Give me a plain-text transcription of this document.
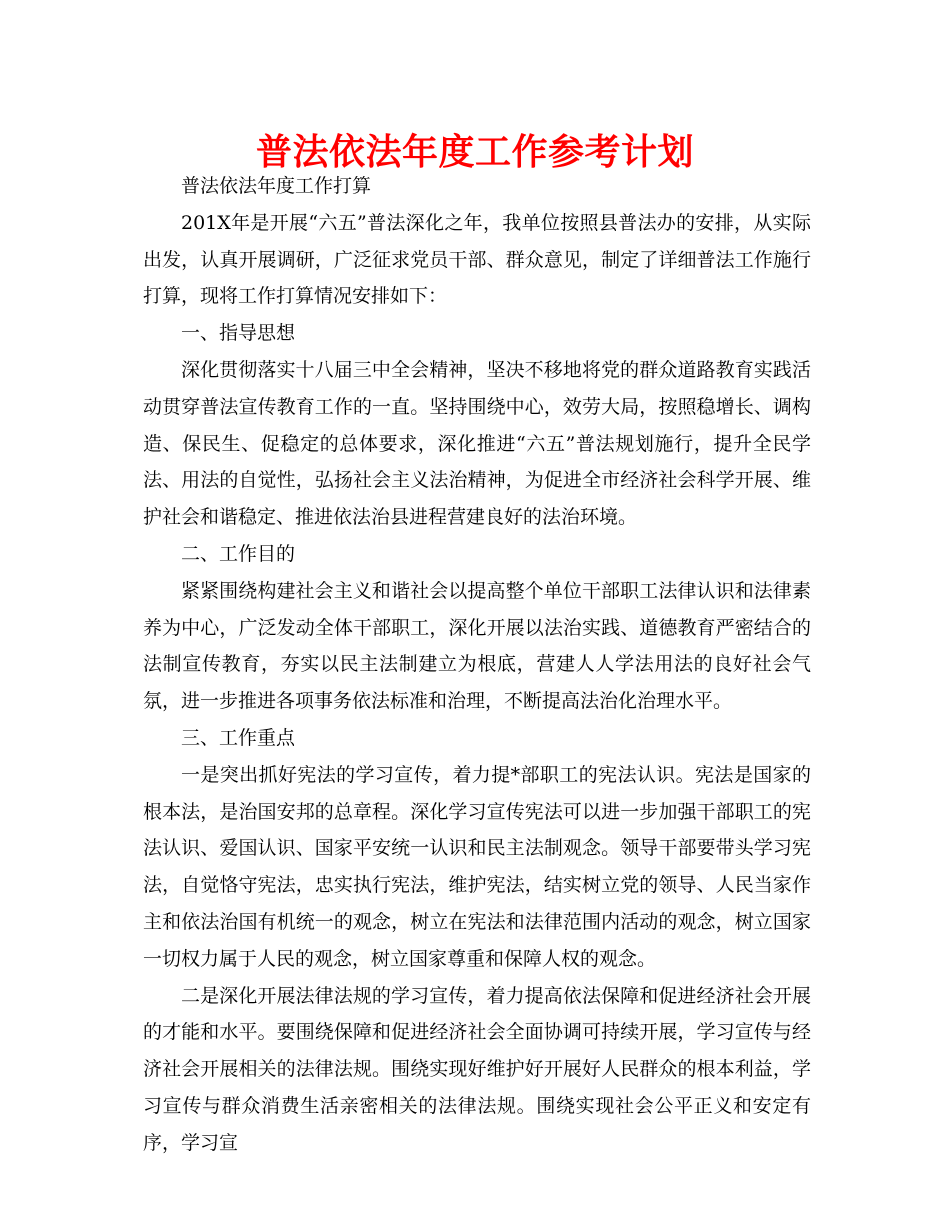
普法依法年度工作参考计划

普法依法年度工作打算

201X年是开展“六五”普法深化之年，我单位按照县普法办的安排，从实际出发，认真开展调研，广泛征求党员干部、群众意见，制定了详细普法工作施行打算，现将工作打算情况安排如下：

一、指导思想

深化贯彻落实十八届三中全会精神，坚决不移地将党的群众道路教育实践活动贯穿普法宣传教育工作的一直。坚持围绕中心，效劳大局，按照稳增长、调构造、保民生、促稳定的总体要求，深化推进“六五”普法规划施行，提升全民学法、用法的自觉性，弘扬社会主义法治精神，为促进全市经济社会科学开展、维护社会和谐稳定、推进依法治县进程营建良好的法治环境。

二、工作目的

紧紧围绕构建社会主义和谐社会以提高整个单位干部职工法律认识和法律素养为中心，广泛发动全体干部职工，深化开展以法治实践、道德教育严密结合的法制宣传教育，夯实以民主法制建立为根底，营建人人学法用法的良好社会气氛，进一步推进各项事务依法标准和治理，不断提高法治化治理水平。

三、工作重点

一是突出抓好宪法的学习宣传，着力提*部职工的宪法认识。宪法是国家的根本法，是治国安邦的总章程。深化学习宣传宪法可以进一步加强干部职工的宪法认识、爱国认识、国家平安统一认识和民主法制观念。领导干部要带头学习宪法，自觉恪守宪法，忠实执行宪法，维护宪法，结实树立党的领导、人民当家作主和依法治国有机统一的观念，树立在宪法和法律范围内活动的观念，树立国家一切权力属于人民的观念，树立国家尊重和保障人权的观念。

二是深化开展法律法规的学习宣传，着力提高依法保障和促进经济社会开展的才能和水平。要围绕保障和促进经济社会全面协调可持续开展，学习宣传与经济社会开展相关的法律法规。围绕实现好维护好开展好人民群众的根本利益，学习宣传与群众消费生活亲密相关的法律法规。围绕实现社会公平正义和安定有序，学习宣
